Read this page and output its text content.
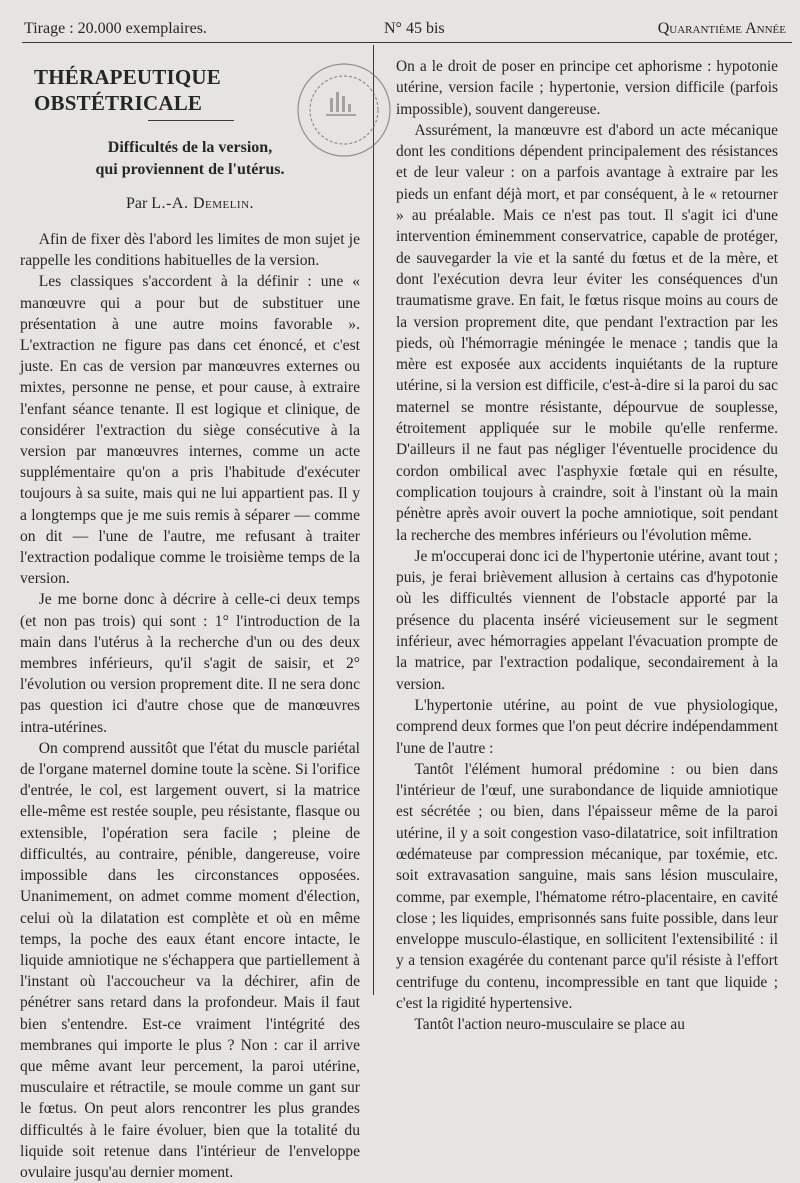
Tirage : 20.000 exemplaires.	N° 45 bis	Quarantième Année
THÉRAPEUTIQUE OBSTÉTRICALE
Difficultés de la version,
qui proviennent de l'utérus.
Par L.-A. Demelin.

Afin de fixer dès l'abord les limites de mon sujet je rappelle les conditions habituelles de la version.

Les classiques s'accordent à la définir : une « manœuvre qui a pour but de substituer une présentation à une autre moins favorable ». L'extraction ne figure pas dans cet énoncé, et c'est juste. En cas de version par manœuvres externes ou mixtes, personne ne pense, et pour cause, à extraire l'enfant séance tenante. Il est logique et clinique, de considérer l'extraction du siège consécutive à la version par manœuvres internes, comme un acte supplémentaire qu'on a pris l'habitude d'exécuter toujours à sa suite, mais qui ne lui appartient pas. Il y a longtemps que je me suis remis à séparer — comme on dit — l'une de l'autre, me refusant à traiter l'extraction podalique comme le troisième temps de la version.

Je me borne donc à décrire à celle-ci deux temps (et non pas trois) qui sont : 1° l'introduction de la main dans l'utérus à la recherche d'un ou des deux membres inférieurs, qu'il s'agit de saisir, et 2° l'évolution ou version proprement dite. Il ne sera donc pas question ici d'autre chose que de manœuvres intra-utérines.

On comprend aussitôt que l'état du muscle pariétal de l'organe maternel domine toute la scène. Si l'orifice d'entrée, le col, est largement ouvert, si la matrice elle-même est restée souple, peu résistante, flasque ou extensible, l'opération sera facile ; pleine de difficultés, au contraire, pénible, dangereuse, voire impossible dans les circonstances opposées. Unanimement, on admet comme moment d'élection, celui où la dilatation est complète et où en même temps, la poche des eaux étant encore intacte, le liquide amniotique ne s'échappera que partiellement à l'instant où l'accoucheur va la déchirer, afin de pénétrer sans retard dans la profondeur. Mais il faut bien s'entendre. Est-ce vraiment l'intégrité des membranes qui importe le plus ? Non : car il arrive que même avant leur percement, la paroi utérine, musculaire et rétractile, se moule comme un gant sur le fœtus. On peut alors rencontrer les plus grandes difficultés à le faire évoluer, bien que la totalité du liquide soit retenue dans l'intérieur de l'enveloppe ovulaire jusqu'au dernier moment.

On a le droit de poser en principe cet aphorisme : hypotonie utérine, version facile ; hypertonie, version difficile (parfois impossible), souvent dangereuse.

Assurément, la manœuvre est d'abord un acte mécanique dont les conditions dépendent principalement des résistances et de leur valeur : on a parfois avantage à extraire par les pieds un enfant déjà mort, et par conséquent, à le « retourner » au préalable. Mais ce n'est pas tout. Il s'agit ici d'une intervention éminemment conservatrice, capable de protéger, de sauvegarder la vie et la santé du fœtus et de la mère, et dont l'exécution devra leur éviter les conséquences d'un traumatisme grave. En fait, le fœtus risque moins au cours de la version proprement dite, que pendant l'extraction par les pieds, où l'hémorragie méningée le menace ; tandis que la mère est exposée aux accidents inquiétants de la rupture utérine, si la version est difficile, c'est-à-dire si la paroi du sac maternel se montre résistante, dépourvue de souplesse, étroitement appliquée sur le mobile qu'elle renferme. D'ailleurs il ne faut pas négliger l'éventuelle procidence du cordon ombilical avec l'asphyxie fœtale qui en résulte, complication toujours à craindre, soit à l'instant où la main pénètre après avoir ouvert la poche amniotique, soit pendant la recherche des membres inférieurs ou l'évolution même.

Je m'occuperai donc ici de l'hypertonie utérine, avant tout ; puis, je ferai brièvement allusion à certains cas d'hypotonie où les difficultés viennent de l'obstacle apporté par la présence du placenta inséré vicieusement sur le segment inférieur, avec hémorragies appelant l'évacuation prompte de la matrice, par l'extraction podalique, secondairement à la version.

L'hypertonie utérine, au point de vue physiologique, comprend deux formes que l'on peut décrire indépendamment l'une de l'autre :

Tantôt l'élément humoral prédomine : ou bien dans l'intérieur de l'œuf, une surabondance de liquide amniotique est sécrétée ; ou bien, dans l'épaisseur même de la paroi utérine, il y a soit congestion vaso-dilatatrice, soit infiltration œdémateuse par compression mécanique, par toxémie, etc. soit extravasation sanguine, mais sans lésion musculaire, comme, par exemple, l'hématome rétro-placentaire, en cavité close ; les liquides, emprisonnés sans fuite possible, dans leur enveloppe musculo-élastique, en sollicitent l'extensibilité : il y a tension exagérée du contenant parce qu'il résiste à l'effort centrifuge du contenu, incompressible en tant que liquide ; c'est la rigidité hypertensive.

Tantôt l'action neuro-musculaire se place au
